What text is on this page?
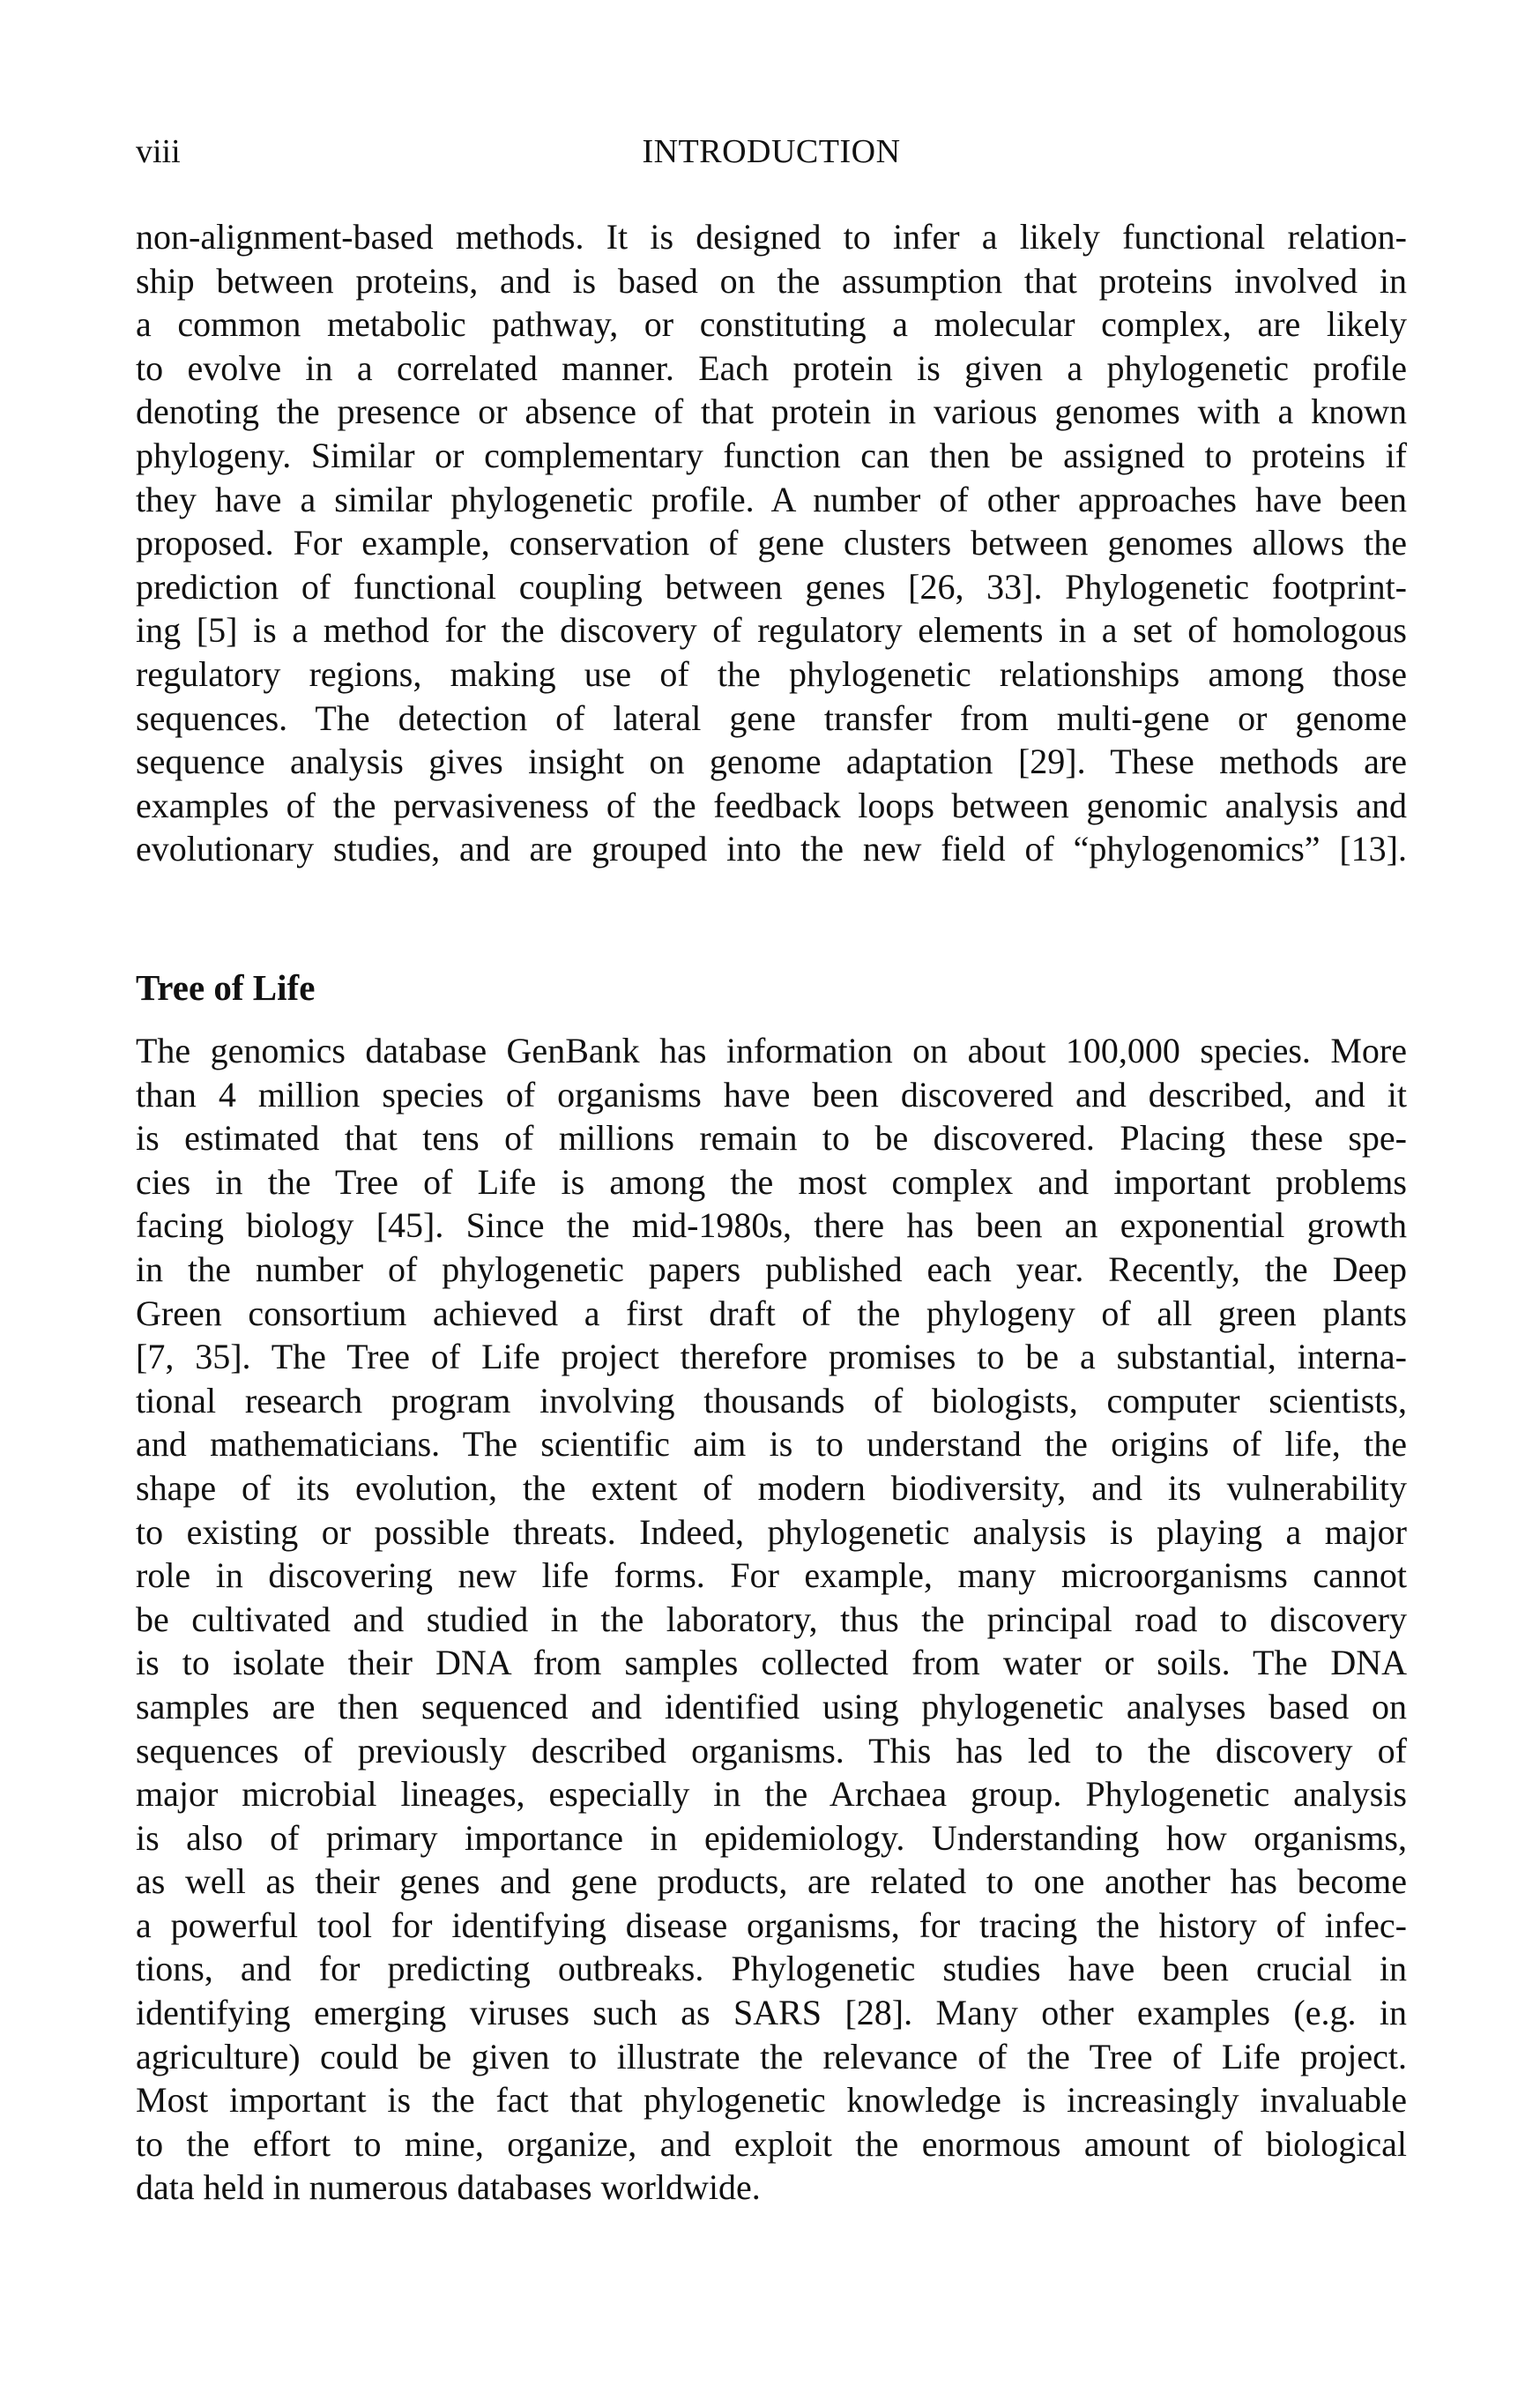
viii	INTRODUCTION
non-alignment-based methods. It is designed to infer a likely functional relation-
ship between proteins, and is based on the assumption that proteins involved in
a common metabolic pathway, or constituting a molecular complex, are likely
to evolve in a correlated manner. Each protein is given a phylogenetic profile
denoting the presence or absence of that protein in various genomes with a known
phylogeny. Similar or complementary function can then be assigned to proteins if
they have a similar phylogenetic profile. A number of other approaches have been
proposed. For example, conservation of gene clusters between genomes allows the
prediction of functional coupling between genes [26, 33]. Phylogenetic footprint-
ing [5] is a method for the discovery of regulatory elements in a set of homologous
regulatory regions, making use of the phylogenetic relationships among those
sequences. The detection of lateral gene transfer from multi-gene or genome
sequence analysis gives insight on genome adaptation [29]. These methods are
examples of the pervasiveness of the feedback loops between genomic analysis and
evolutionary studies, and are grouped into the new field of “phylogenomics” [13].
Tree of Life
The genomics database GenBank has information on about 100,000 species. More
than 4 million species of organisms have been discovered and described, and it
is estimated that tens of millions remain to be discovered. Placing these spe-
cies in the Tree of Life is among the most complex and important problems
facing biology [45]. Since the mid-1980s, there has been an exponential growth
in the number of phylogenetic papers published each year. Recently, the Deep
Green consortium achieved a first draft of the phylogeny of all green plants
[7, 35]. The Tree of Life project therefore promises to be a substantial, interna-
tional research program involving thousands of biologists, computer scientists,
and mathematicians. The scientific aim is to understand the origins of life, the
shape of its evolution, the extent of modern biodiversity, and its vulnerability
to existing or possible threats. Indeed, phylogenetic analysis is playing a major
role in discovering new life forms. For example, many microorganisms cannot
be cultivated and studied in the laboratory, thus the principal road to discovery
is to isolate their DNA from samples collected from water or soils. The DNA
samples are then sequenced and identified using phylogenetic analyses based on
sequences of previously described organisms. This has led to the discovery of
major microbial lineages, especially in the Archaea group. Phylogenetic analysis
is also of primary importance in epidemiology. Understanding how organisms,
as well as their genes and gene products, are related to one another has become
a powerful tool for identifying disease organisms, for tracing the history of infec-
tions, and for predicting outbreaks. Phylogenetic studies have been crucial in
identifying emerging viruses such as SARS [28]. Many other examples (e.g. in
agriculture) could be given to illustrate the relevance of the Tree of Life project.
Most important is the fact that phylogenetic knowledge is increasingly invaluable
to the effort to mine, organize, and exploit the enormous amount of biological
data held in numerous databases worldwide.
